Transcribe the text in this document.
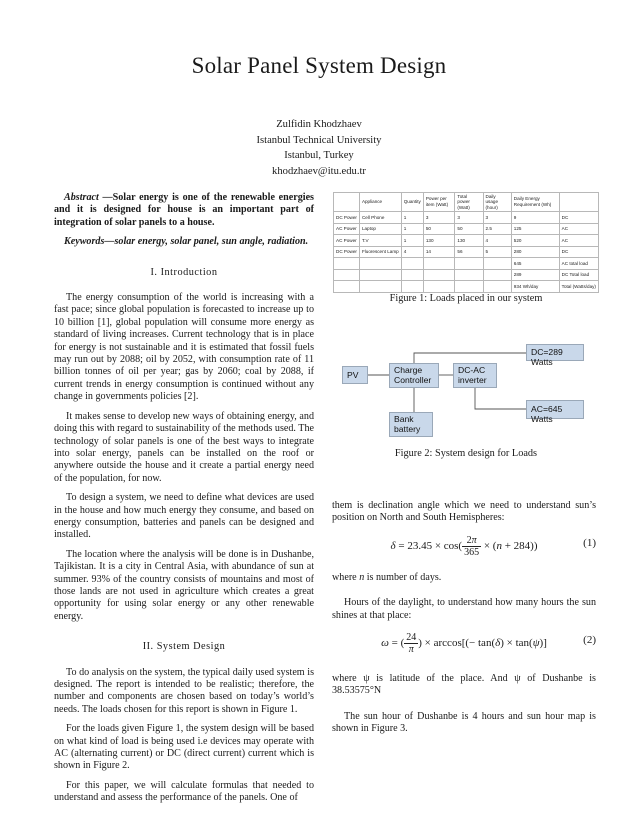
Solar Panel System Design
Zulfidin Khodzhaev
Istanbul Technical University
Istanbul, Turkey
khodzhaev@itu.edu.tr

Abstract —Solar energy is one of the renewable energies and it is designed for house is an important part of integration of solar panels to a house.

Keywords—solar energy, solar panel, sun angle, radiation.

I. Introduction

The energy consumption of the world is increasing with a fast pace; since global population is forecasted to increase up to 10 billion [1], global population will consume more energy as standard of living increases. Current technology that is in place for energy is not sustainable and it is estimated that fossil fuels may run out by 2088; oil by 2052, with consumption rate of 11 billion tonnes of oil per year; gas by 2060; coal by 2088, if current trends in energy consumption is continued without any change in governments policies [2].

It makes sense to develop new ways of obtaining energy, and doing this with regard to sustainability of the methods used. The technology of solar panels is one of the best ways to integrate into solar energy, panels can be installed on the roof or anywhere outside the house and it create a partial energy need of the population, for now.

To design a system, we need to define what devices are used in the house and how much energy they consume, and based on energy consumption, batteries and panels can be designed and installed.

The location where the analysis will be done is in Dushanbe, Tajikistan. It is a city in Central Asia, with abundance of sun at summer. 93% of the country consists of mountains and most of those lands are not used in agriculture which creates a great opportunity for using solar energy or any other renewable energy.

II. System Design

To do analysis on the system, the typical daily used system is designed. The report is intended to be realistic; therefore, the number and components are chosen based on today’s world’s needs. The loads chosen for this report is shown in Figure 1.

For the loads given Figure 1, the system design will be based on what kind of load is being used i.e devices may operate with AC (alternating current) or DC (direct current) current which is shown in Figure 2.

For this paper, we will calculate formulas that needed to understand and assess the performance of the panels. One of

	Appliance	Quantity	Power per item (Watt)	Total power (Watt)	Daily usage (hour)	Daily Energy Requirement (Wh)	
DC Power	Cell Phone	1	3	3	3	9	DC
AC Power	Laptop	1	50	50	2.5	125	AC
AC Power	T.V	1	130	130	4	520	AC
DC Power	Fluorescent Lamp	4	14	56	5	280	DC
						645	AC total load
						289	DC Total load
						934 Wh/day	Total (Watts/day)
Figure 1: Loads placed in our system
PV	Charge Controller
DC-AC inverter
DC=289 Watts
AC=645 Watts
Bank battery
Figure 2: System design for Loads

them is declination angle which we need to understand sun’s position on North and South Hemispheres:

$\delta = 23.45 \times \cos( \frac{2\pi}{365} \times (n + 284))$	(1)

where n is number of days.

Hours of the daylight, to understand how many hours the sun shines at that place:

ω = ( $\frac{24}{\pi}$ ) × arccos[(− tan(δ) × tan(ψ)]	(2)

where ψ is latitude of the place. And ψ of Dushanbe is 38.53575°N

The sun hour of Dushanbe is 4 hours and sun hour map is shown in Figure 3.
